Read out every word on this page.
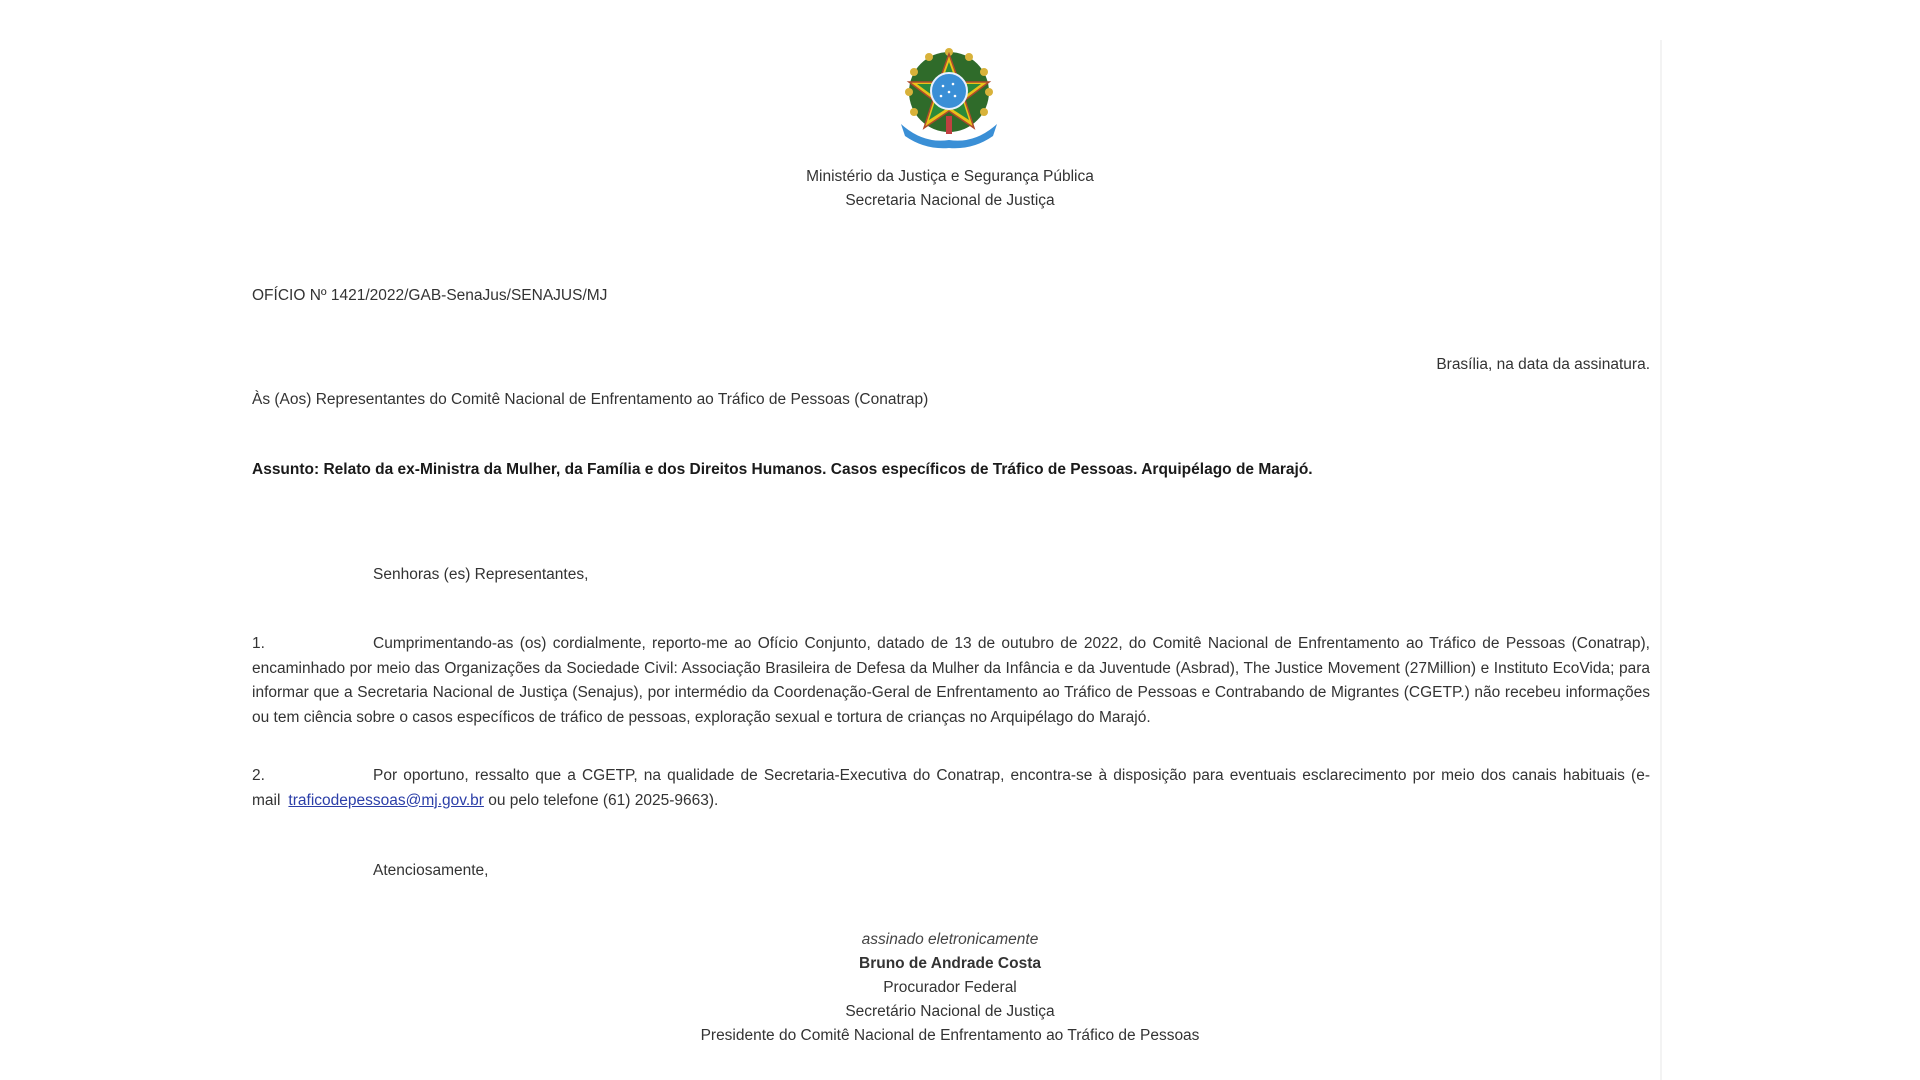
Ministério da Justiça e Segurança Pública
Secretaria Nacional de Justiça
OFÍCIO Nº 1421/2022/GAB-SenaJus/SENAJUS/MJ
Brasília, na data da assinatura.
Às (Aos) Representantes do Comitê Nacional de Enfrentamento ao Tráfico de Pessoas (Conatrap)
Assunto: Relato da ex-Ministra da Mulher, da Família e dos Direitos Humanos. Casos específicos de Tráfico de Pessoas. Arquipélago de Marajó.
Senhoras (es) Representantes,
1.	Cumprimentando-as (os) cordialmente, reporto-me ao Ofício Conjunto, datado de 13 de outubro de 2022, do Comitê Nacional de Enfrentamento ao Tráfico de Pessoas (Conatrap), encaminhado por meio das Organizações da Sociedade Civil: Associação Brasileira de Defesa da Mulher da Infância e da Juventude (Asbrad), The Justice Movement (27Million) e Instituto EcoVida; para informar que a Secretaria Nacional de Justiça (Senajus), por intermédio da Coordenação-Geral de Enfrentamento ao Tráfico de Pessoas e Contrabando de Migrantes (CGETP.) não recebeu informações ou tem ciência sobre o casos específicos de tráfico de pessoas, exploração sexual e tortura de crianças no Arquipélago do Marajó.
2.	Por oportuno, ressalto que a CGETP, na qualidade de Secretaria-Executiva do Conatrap, encontra-se à disposição para eventuais esclarecimento por meio dos canais habituais (e-mail traficodepessoas@mj.gov.br ou pelo telefone (61) 2025-9663).
Atenciosamente,
assinado eletronicamente
Bruno de Andrade Costa
Procurador Federal
Secretário Nacional de Justiça
Presidente do Comitê Nacional de Enfrentamento ao Tráfico de Pessoas
